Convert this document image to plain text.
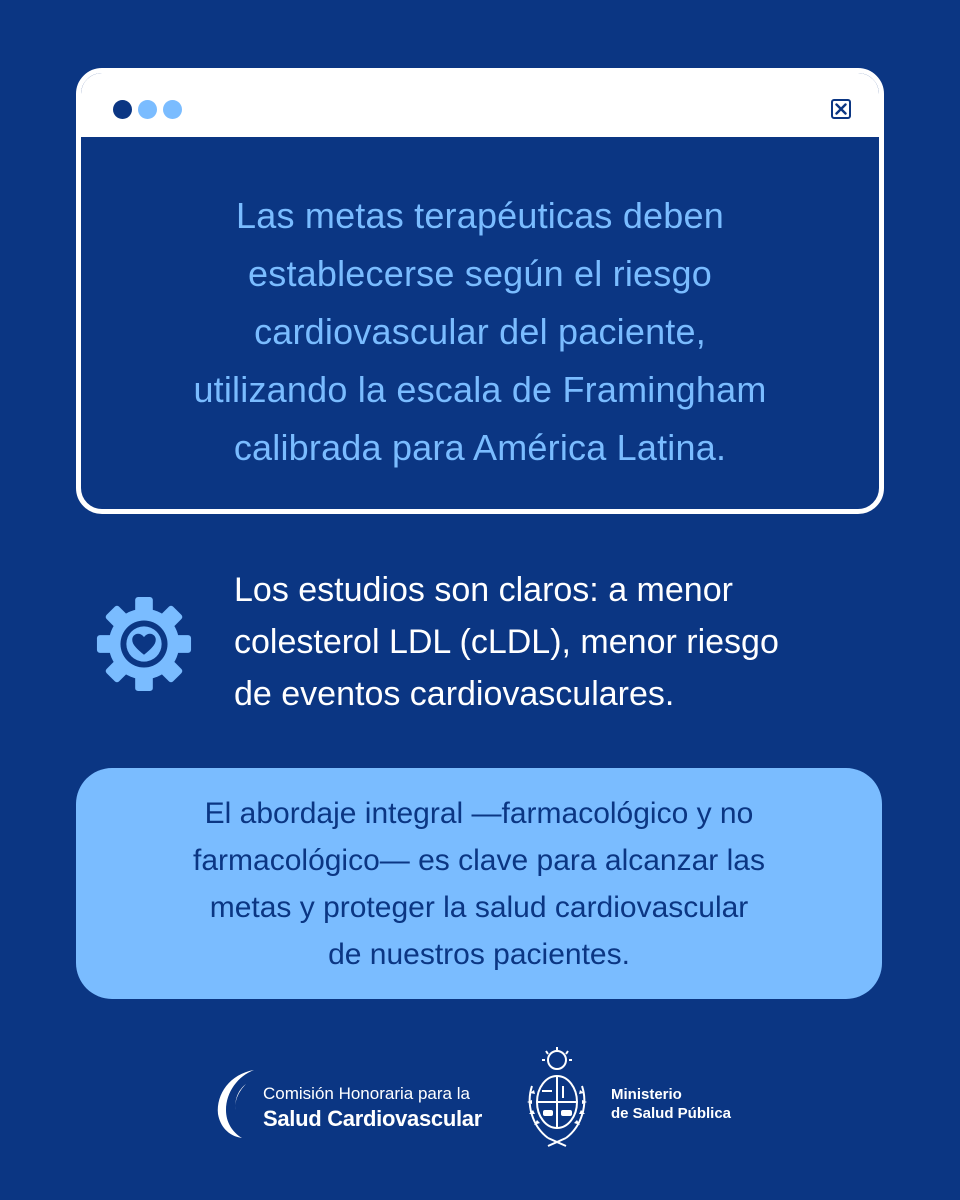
Las metas terapéuticas deben
establecerse según el riesgo
cardiovascular del paciente,
utilizando la escala de Framingham
calibrada para América Latina.
Los estudios son claros: a menor
colesterol LDL (cLDL), menor riesgo
de eventos cardiovasculares.
El abordaje integral —farmacológico y no
farmacológico— es clave para alcanzar las
metas y proteger la salud cardiovascular
de nuestros pacientes.
Comisión Honoraria para la
Salud Cardiovascular
Ministerio
de Salud Pública
